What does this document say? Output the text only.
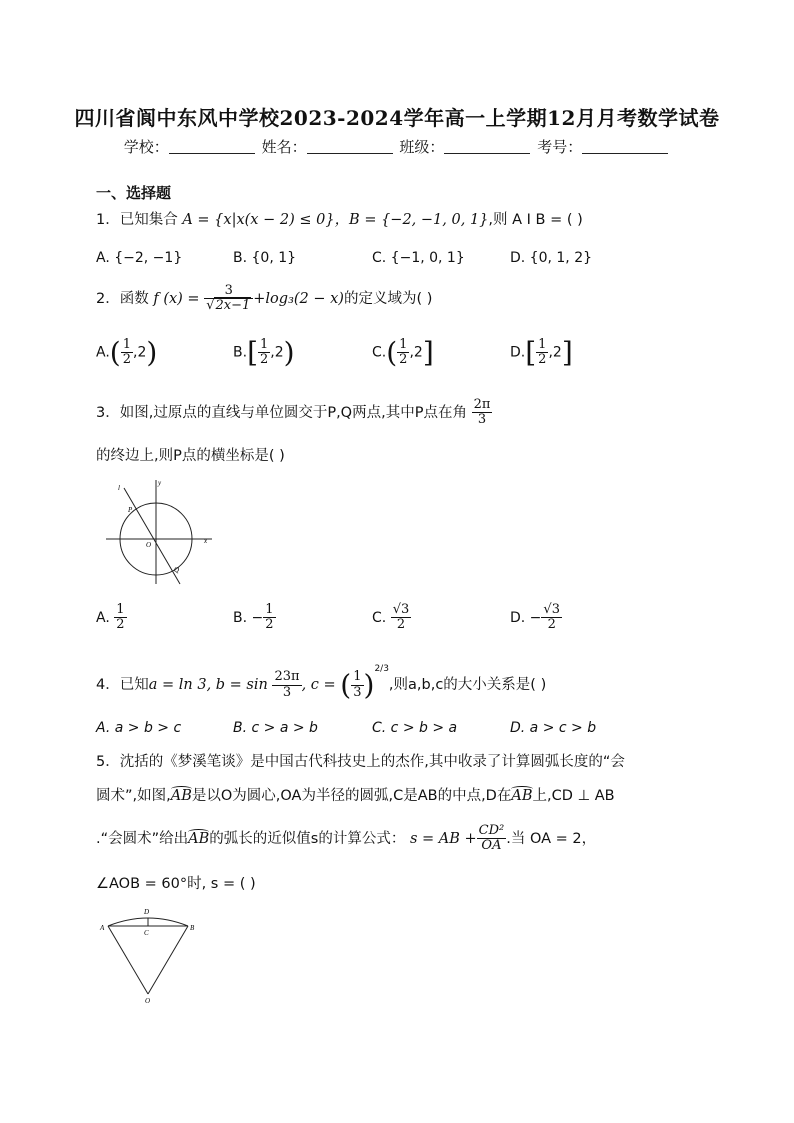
四川省阆中东风中学校2023-2024学年高一上学期12月月考数学试卷
学校：	姓名：	班级：	考号：
一、选择题
1．已知集合 A = {x|x(x − 2) ≤ 0}，B = {−2, −1, 0, 1},则 A I B = ( )
A. {−2, −1}	B. {0, 1}	C. {−1, 0, 1}	D. {0, 1, 2}
2．函数 f $(x) = \frac{3}{√2x-1} +\log_3(2 - x)$的定义域为( )
$A.( \frac{1}{2} ,2)$	$B.[ \frac{1}{2} ,2)$	$C.( \frac{1}{2} ,2]$	$D.[ \frac{1}{2} ,2]$
3．如图,过原点的直线与单位圆交于P,Q两点,其中P点在角 $\frac{2\pi}{3}$
的终边上,则P点的横坐标是( )
l
y
P
O	x
Q
A. $\frac{1}{2}$	B. − $\frac{1}{2}$	C. $\frac{√3}{2}$	D. − $\frac{√3}{2}$
4．已知a = ln 3, $b = \sin \frac{23\pi}{3}$ , c = ( $\frac{1}{3} )^{2/3}$,则a,b,c的大小关系是( )
A. a > b > c	B. c > a > b	C. c > b > a	D. a > c > b
5．沈括的《梦溪笔谈》是中国古代科技史上的杰作,其中收录了计算圆弧长度的“会
圆术”,如图,AB是以O为圆心,OA为半径的圆弧,C是AB的中点,D在AB上,CD ⊥ AB
.“会圆术”给出AB的弧长的近似值s的计算公式： s = AB + $\frac{\text{CD²}}{OA}$ .当 OA = 2，
∠AOB = 60°时, s = ( )
D
A
C
B
O
